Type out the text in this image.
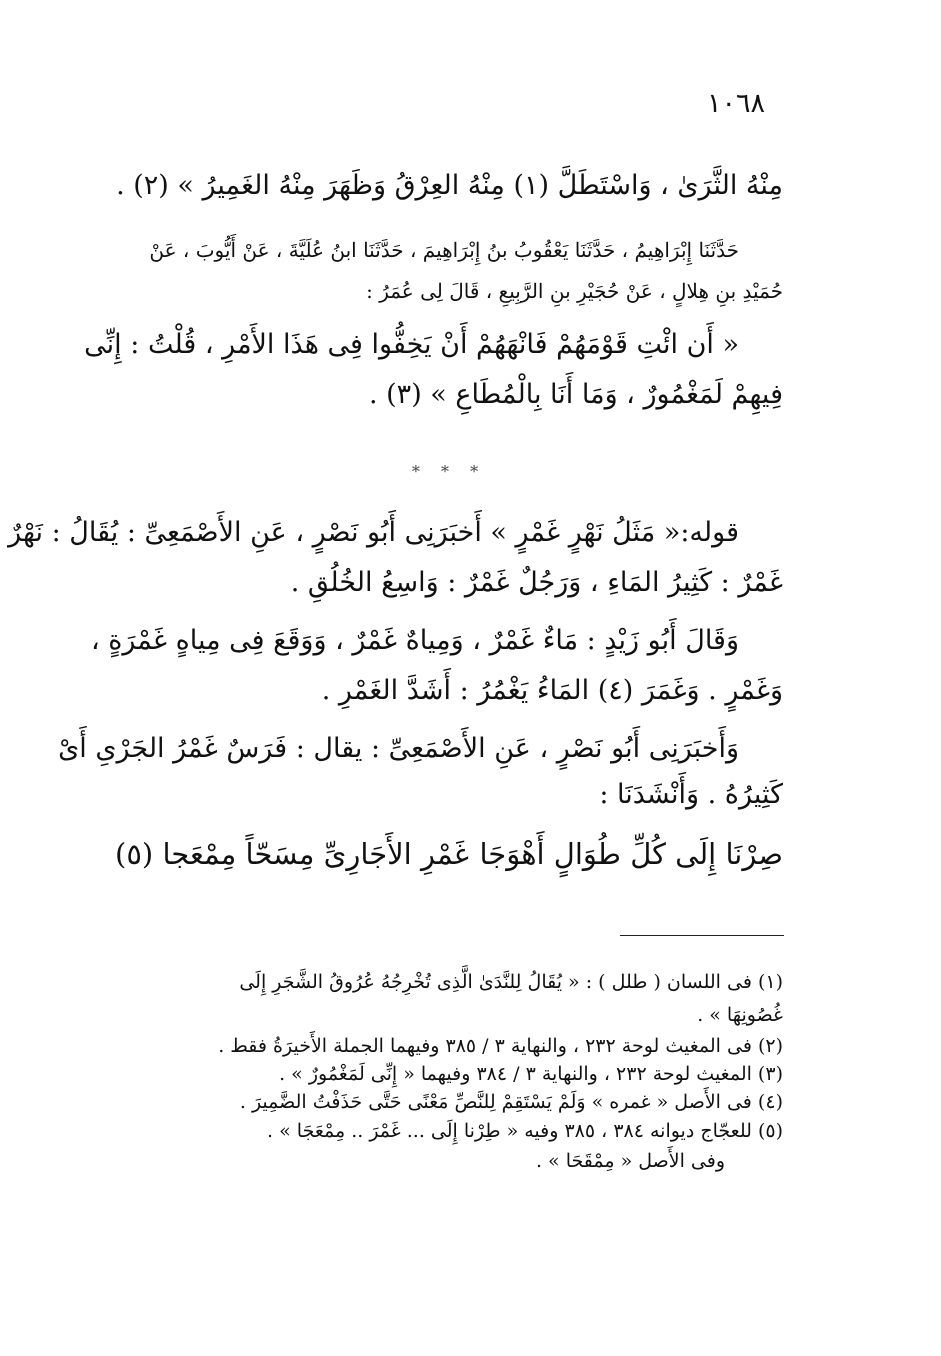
١٠٦٨
مِنْهُ الثَّرَىٰ ، وَاسْتَطَلَّ (١) مِنْهُ العِرْقُ وَظَهَرَ مِنْهُ الغَمِيرُ » (٢) .
حَدَّثَنَا إِبْرَاهِيمُ ، حَدَّثَنَا يَعْقُوبُ بنُ إِبْرَاهِيمَ ، حَدَّثَنَا ابنُ عُلَيَّةَ ، عَنْ أَيُّوبَ ، عَنْ
حُمَيْدِ بنِ هِلالٍ ، عَنْ حُجَيْرِ بنِ الرَّبِيعِ ، قَالَ لِى عُمَرُ :
« أَن ائْتِ قَوْمَهُمْ فَانْهَهُمْ أَنْ يَخِفُّوا فِى هَذَا الأَمْرِ ، قُلْتُ : إِنِّى
فِيهِمْ لَمَغْمُورٌ ، وَمَا أَنَا بِالْمُطَاعِ » (٣) .
* * *
قوله:« مَثَلُ نَهْرٍ غَمْرٍ » أَخبَرَنِى أَبُو نَصْرٍ ، عَنِ الأَصْمَعِىِّ : يُقَالُ : نَهْرٌ
غَمْرٌ : كَثِيرُ المَاءِ ، وَرَجُلٌ غَمْرٌ : وَاسِعُ الخُلُقِ .
وَقَالَ أَبُو زَيْدٍ : مَاءٌ غَمْرٌ ، وَمِياهٌ غَمْرٌ ، وَوَقَعَ فِى مِياهٍ غَمْرَةٍ ،
وَغَمْرٍ . وَغَمَرَ (٤) المَاءُ يَغْمُرُ : أَشَدَّ الغَمْرِ .
وَأَخبَرَنِى أَبُو نَصْرٍ ، عَنِ الأَصْمَعِىِّ : يقال : فَرَسٌ غَمْرُ الجَرْىِ أَىْ
كَثِيرُهُ . وَأَنْشَدَنَا :
صِرْنَا إِلَى كُلِّ طُوَالٍ أَهْوَجَا
غَمْرِ الأَجَارِىِّ مِسَحّاً مِمْعَجا (٥)
(١) فى اللسان ( طلل ) : « يُقَالُ لِلنَّدَىٰ الَّذِى تُخْرِجُهُ عُرُوقُ الشَّجَرِ إِلَى
غُصُونِهَا » .
(٢) فى المغيث لوحة ٢٣٢ ، والنهاية ٣ / ٣٨٥ وفيهما الجملة الأَخيرَةُ فقط .
(٣) المغيث لوحة ٢٣٢ ، والنهاية ٣ / ٣٨٤ وفيهما « إِنِّى لَمَغْمُورٌ » .
(٤) فى الأَصل « غمره » وَلَمْ يَسْتَقِمْ لِلنَّصِّ مَعْنًى حَتَّى حَذَفْتُ الضَّمِيرَ .
(٥) للعجّاج ديوانه ٣٨٤ ، ٣٨٥ وفيه « طِرْنا إِلَى ... غَمْرَ .. مِمْعَجَا » .
وفى الأَصل « مِمْقَحَا » .
